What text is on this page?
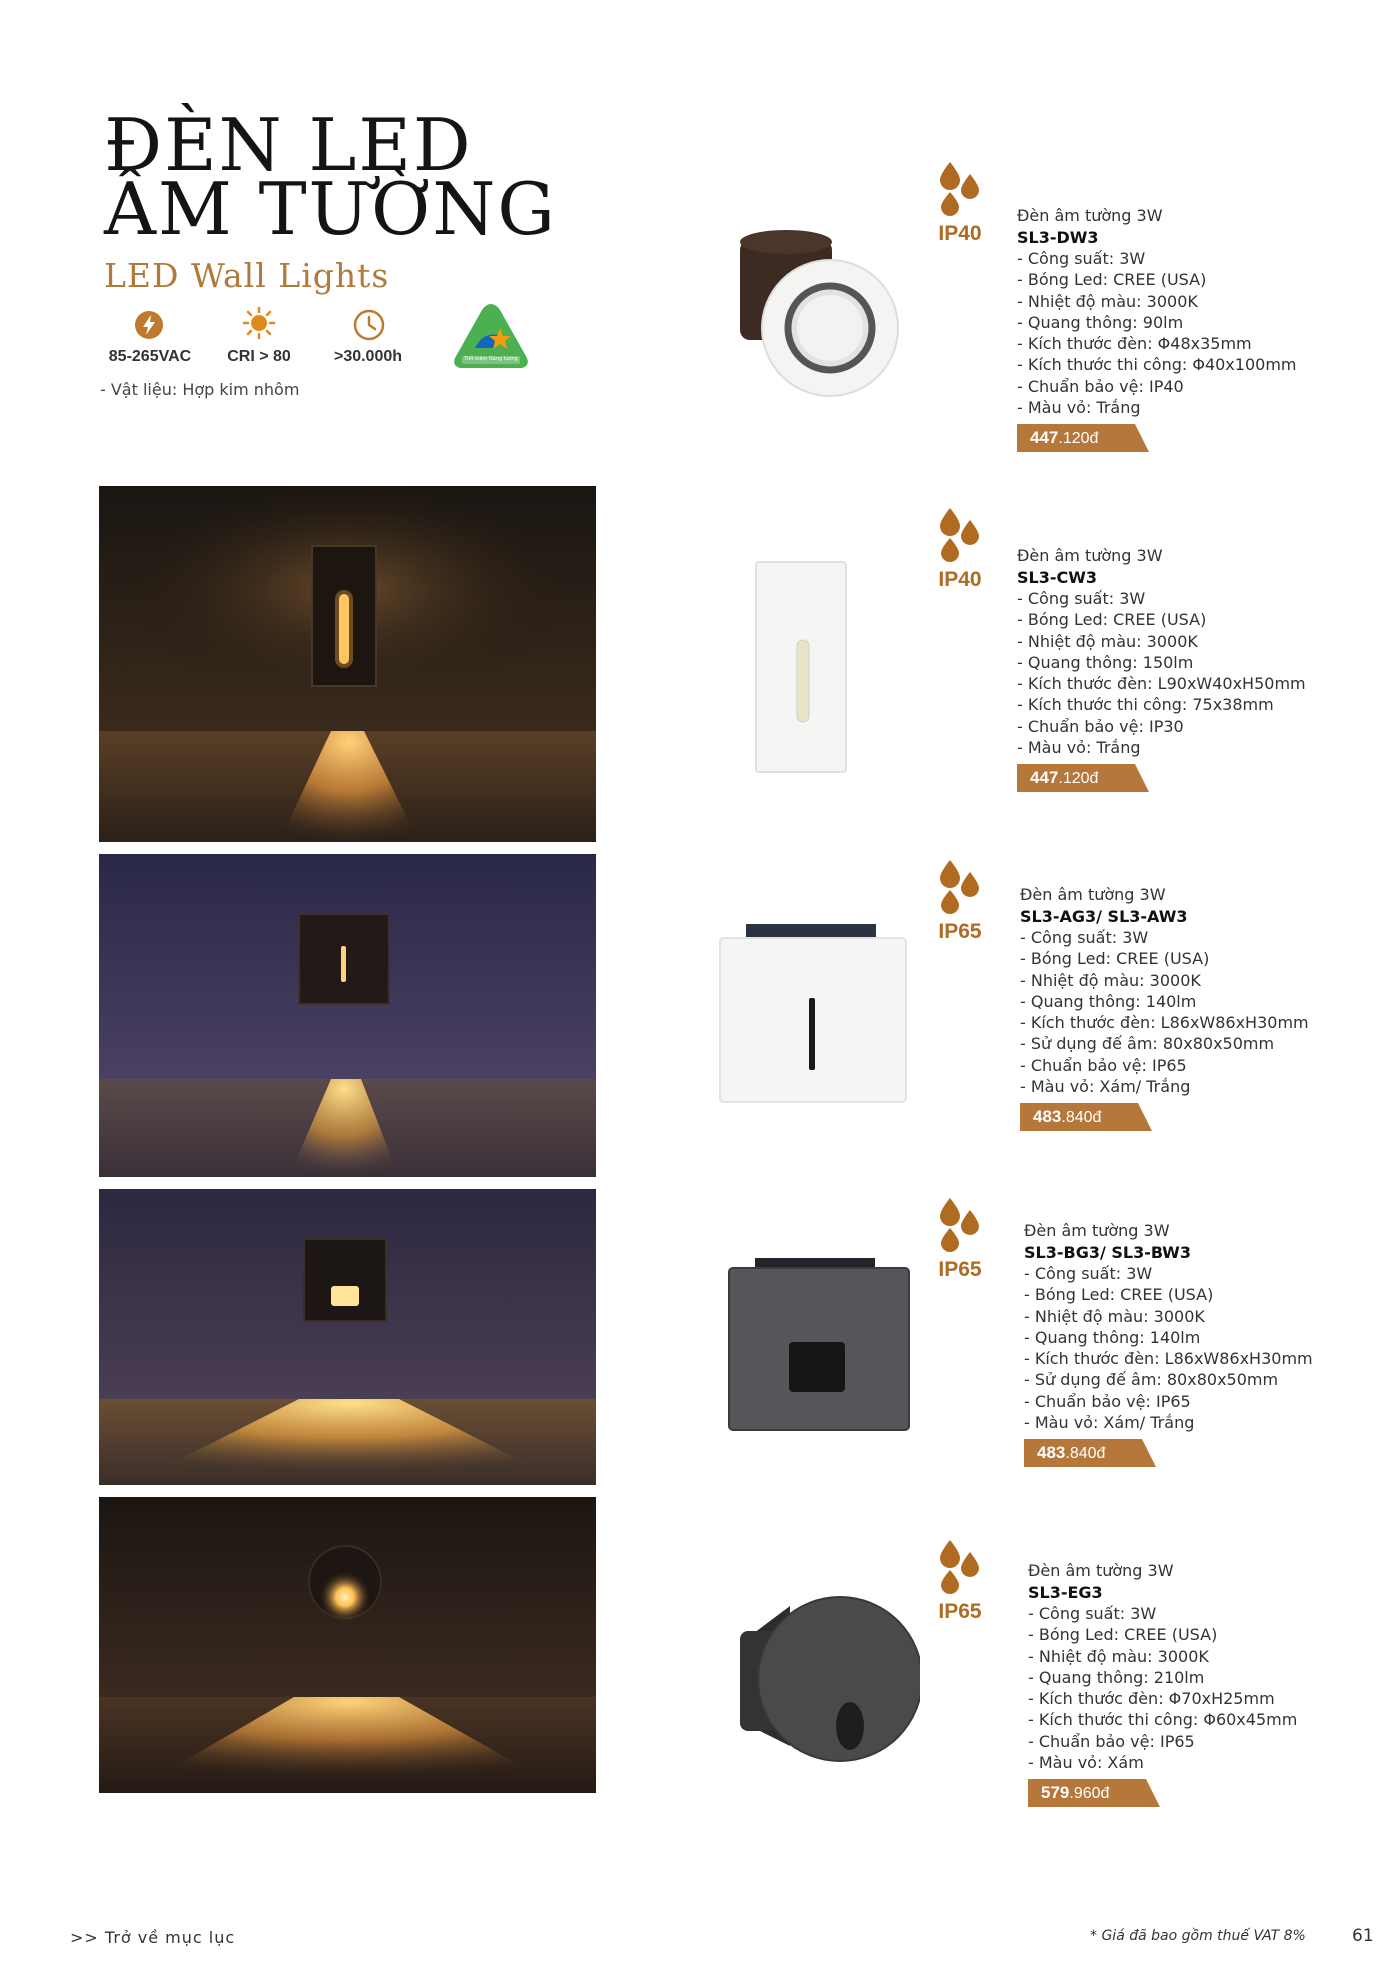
ĐÈN LED
ÂM TƯỜNG
LED Wall Lights
85-265VAC	CRI > 80	>30.000h	Tiết kiệm Năng lượng
- Vật liệu: Hợp kim nhôm
IP40
IP40
IP65
IP65
IP65
Đèn âm tường 3W
SL3-DW3
- Công suất: 3W
- Bóng Led: CREE (USA)
- Nhiệt độ màu: 3000K
- Quang thông: 90lm
- Kích thước đèn: Φ48x35mm
- Kích thước thi công: Φ40x100mm
- Chuẩn bảo vệ: IP40
- Màu vỏ: Trắng
447.120đ
Đèn âm tường 3W
SL3-CW3
- Công suất: 3W
- Bóng Led: CREE (USA)
- Nhiệt độ màu: 3000K
- Quang thông: 150lm
- Kích thước đèn: L90xW40xH50mm
- Kích thước thi công: 75x38mm
- Chuẩn bảo vệ: IP30
- Màu vỏ: Trắng
447.120đ
Đèn âm tường 3W
SL3-AG3/ SL3-AW3
- Công suất: 3W
- Bóng Led: CREE (USA)
- Nhiệt độ màu: 3000K
- Quang thông: 140lm
- Kích thước đèn: L86xW86xH30mm
- Sử dụng đế âm: 80x80x50mm
- Chuẩn bảo vệ: IP65
- Màu vỏ: Xám/ Trắng
483.840đ
Đèn âm tường 3W
SL3-BG3/ SL3-BW3
- Công suất: 3W
- Bóng Led: CREE (USA)
- Nhiệt độ màu: 3000K
- Quang thông: 140lm
- Kích thước đèn: L86xW86xH30mm
- Sử dụng đế âm: 80x80x50mm
- Chuẩn bảo vệ: IP65
- Màu vỏ: Xám/ Trắng
483.840đ
Đèn âm tường 3W
SL3-EG3
- Công suất: 3W
- Bóng Led: CREE (USA)
- Nhiệt độ màu: 3000K
- Quang thông: 210lm
- Kích thước đèn: Φ70xH25mm
- Kích thước thi công: Φ60x45mm
- Chuẩn bảo vệ: IP65
- Màu vỏ: Xám
579.960đ
>> Trở về mục lục	* Giá đã bao gồm thuế VAT 8%	61
